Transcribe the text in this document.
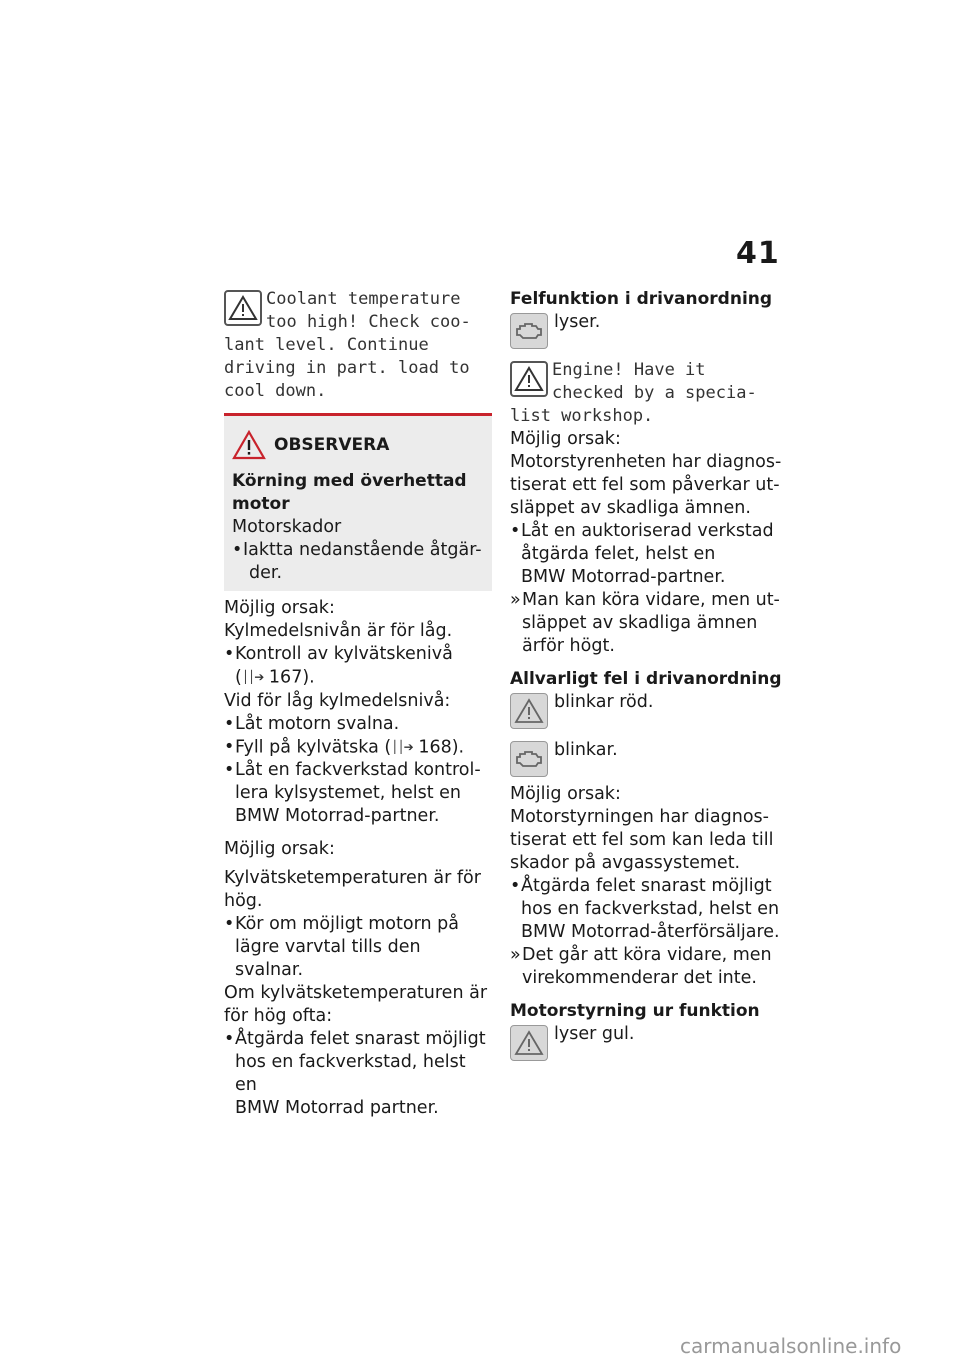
41

Coolant temperature

too high! Check coo-

lant level. Continue

driving in part. load to

cool down.

OBSERVERA

Körning med överhettad

motor

Motorskador

• Iaktta nedanstående åtgär-
der.

Möjlig orsak:

Kylmedelsnivån är för låg.

• Kontroll av kylvätskenivå
(││➔ 167).

Vid för låg kylmedelsnivå:

• Låt motorn svalna.

• Fyll på kylvätska (││➔ 168).

• Låt en fackverkstad kontrol-
lera kylsystemet, helst en
BMW Motorrad-partner.

Möjlig orsak:

Kylvätsketemperaturen är för

hög.

• Kör om möjligt motorn på
lägre varvtal tills den svalnar.

Om kylvätsketemperaturen är

för hög ofta:

• Åtgärda felet snarast möjligt
hos en fackverkstad, helst en
BMW Motorrad partner.

Felfunktion i drivanordning

lyser.

Engine! Have it

checked by a specia-

list workshop.

Möjlig orsak:

Motorstyrenheten har diagnos-

tiserat ett fel som påverkar ut-

släppet av skadliga ämnen.

• Låt en auktoriserad verkstad
åtgärda felet, helst en
BMW Motorrad-partner.

» Man kan köra vidare, men ut-släppet av skadliga ämnen ärför högt.

Allvarligt fel i drivanordning

blinkar röd.
blinkar.

Möjlig orsak:

Motorstyrningen har diagnos-

tiserat ett fel som kan leda till

skador på avgassystemet.

• Åtgärda felet snarast möjligt
hos en fackverkstad, helst en
BMW Motorrad-återförsäljare.

» Det går att köra vidare, men virekommenderar det inte.

Motorstyrning ur funktion

lyser gul.
carmanualsonline.info
